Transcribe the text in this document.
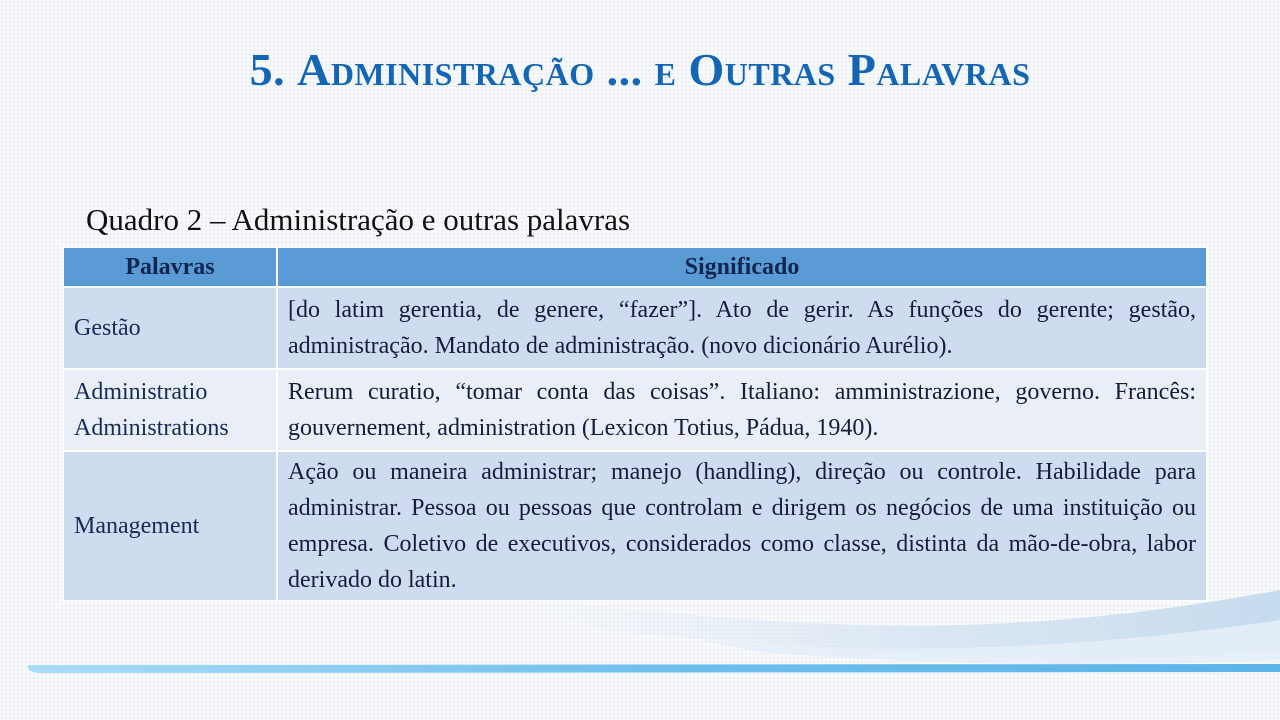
5. Administração ... e Outras Palavras
Quadro 2 – Administração e outras palavras
Palavras	Significado
Gestão	[do latim gerentia, de genere, “fazer”]. Ato de gerir. As funções do gerente; gestão, administração. Mandato de administração. (novo dicionário Aurélio).

Administratio
Administrations	Rerum curatio, “tomar conta das coisas”. Italiano: amministrazione, governo. Francês: gouvernement, administration (Lexicon Totius, Pádua, 1940).
Management	Ação ou maneira administrar; manejo (handling), direção ou controle. Habilidade para administrar. Pessoa ou pessoas que controlam e dirigem os negócios de uma instituição ou empresa. Coletivo de executivos, considerados como classe, distinta da mão-de-obra, labor derivado do latin.
